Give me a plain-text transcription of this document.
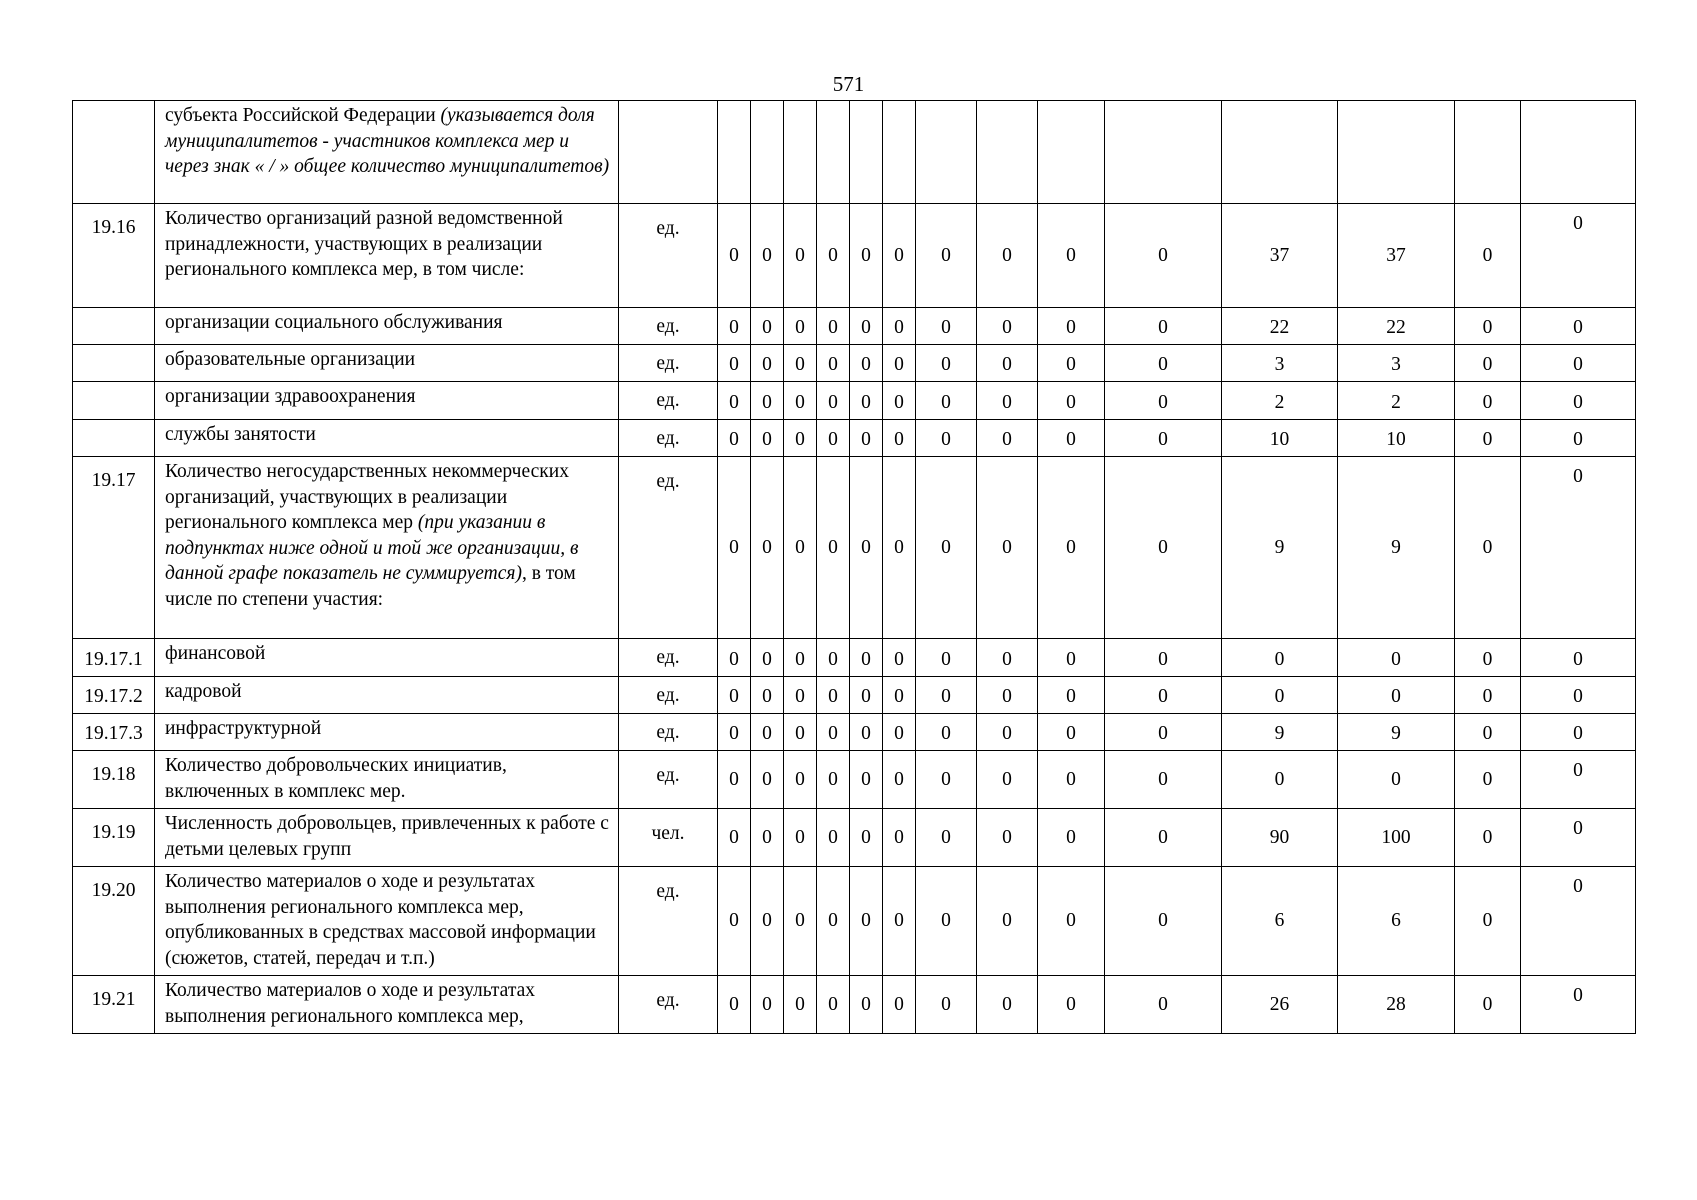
571
	субъекта Российской Федерации (указывается доля муниципалитетов - участников комплекса мер и через знак « / » общее количество муниципалитетов)															
19.16	Количество организаций разной ведомственной принадлежности, участвующих в реализации регионального комплекса мер, в том числе:	ед.	0	0	0	0	0	0	0	0	0	0	37	37	0	0
	организации социального обслуживания	ед.	0	0	0	0	0	0	0	0	0	0	22	22	0	0
	образовательные организации	ед.	0	0	0	0	0	0	0	0	0	0	3	3	0	0
	организации здравоохранения	ед.	0	0	0	0	0	0	0	0	0	0	2	2	0	0
	службы занятости	ед.	0	0	0	0	0	0	0	0	0	0	10	10	0	0
19.17	Количество негосударственных некоммерческих организаций, участвующих в реализации регионального комплекса мер (при указании в подпунктах ниже одной и той же организации, в данной графе показатель не суммируется), в том числе по степени участия:	ед.	0	0	0	0	0	0	0	0	0	0	9	9	0	0
19.17.1	финансовой	ед.	0	0	0	0	0	0	0	0	0	0	0	0	0	0
19.17.2	кадровой	ед.	0	0	0	0	0	0	0	0	0	0	0	0	0	0
19.17.3	инфраструктурной	ед.	0	0	0	0	0	0	0	0	0	0	9	9	0	0
19.18	Количество добровольческих инициатив, включенных в комплекс мер.	ед.	0	0	0	0	0	0	0	0	0	0	0	0	0	0
19.19	Численность добровольцев, привлеченных к работе с детьми целевых групп	чел.	0	0	0	0	0	0	0	0	0	0	90	100	0	0
19.20	Количество материалов о ходе и результатах выполнения регионального комплекса мер, опубликованных в средствах массовой информации (сюжетов, статей, передач и т.п.)	ед.	0	0	0	0	0	0	0	0	0	0	6	6	0	0
19.21	Количество материалов о ходе и результатах выполнения регионального комплекса мер,	ед.	0	0	0	0	0	0	0	0	0	0	26	28	0	0
